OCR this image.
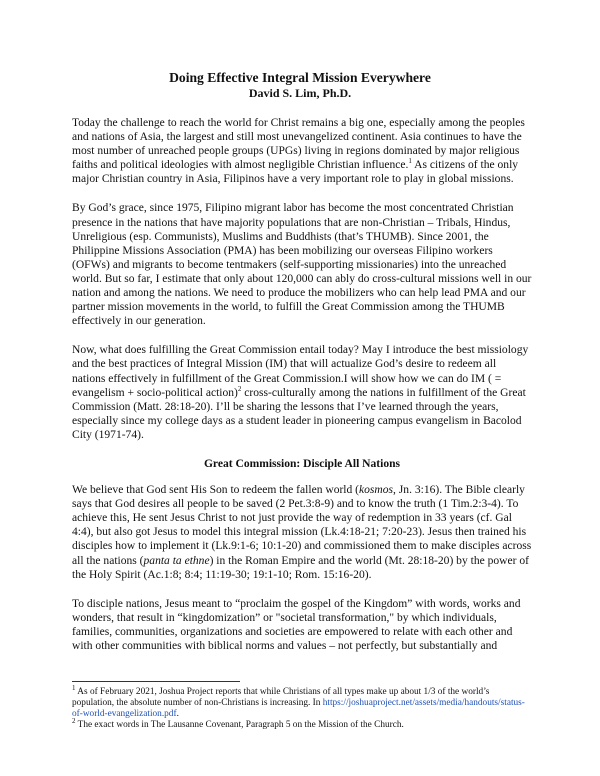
Doing Effective Integral Mission Everywhere
David S. Lim, Ph.D.

Today the challenge to reach the world for Christ remains a big one, especially among the peoples and nations of Asia, the largest and still most unevangelized continent. Asia continues to have the most number of unreached people groups (UPGs) living in regions dominated by major religious faiths and political ideologies with almost negligible Christian influence.$^1$ As citizens of the only major Christian country in Asia, Filipinos have a very important role to play in global missions.

By God’s grace, since 1975, Filipino migrant labor has become the most concentrated Christian presence in the nations that have majority populations that are non-Christian – Tribals, Hindus, Unreligious (esp. Communists), Muslims and Buddhists (that’s THUMB). Since 2001, the Philippine Missions Association (PMA) has been mobilizing our overseas Filipino workers (OFWs) and migrants to become tentmakers (self-supporting missionaries) into the unreached world. But so far, I estimate that only about 120,000 can ably do cross-cultural missions well in our nation and among the nations. We need to produce the mobilizers who can help lead PMA and our partner mission movements in the world, to fulfill the Great Commission among the THUMB effectively in our generation.

Now, what does fulfilling the Great Commission entail today? May I introduce the best missiology and the best practices of Integral Mission (IM) that will actualize God’s desire to redeem all nations effectively in fulfillment of the Great Commission.I will show how we can do IM ( = evangelism + socio-political action)$^2$ cross-culturally among the nations in fulfillment of the Great Commission (Matt. 28:18-20). I’ll be sharing the lessons that I’ve learned through the years, especially since my college days as a student leader in pioneering campus evangelism in Bacolod City (1971-74).

Great Commission: Disciple All Nations

We believe that God sent His Son to redeem the fallen world (kosmos, Jn. 3:16). The Bible clearly says that God desires all people to be saved (2 Pet.3:8-9) and to know the truth (1 Tim.2:3-4). To achieve this, He sent Jesus Christ to not just provide the way of redemption in 33 years (cf. Gal 4:4), but also got Jesus to model this integral mission (Lk.4:18-21; 7:20-23). Jesus then trained his disciples how to implement it (Lk.9:1-6; 10:1-20) and commissioned them to make disciples across all the nations (panta ta ethne) in the Roman Empire and the world (Mt. 28:18-20) by the power of the Holy Spirit (Ac.1:8; 8:4; 11:19-30; 19:1-10; Rom. 15:16-20).

To disciple nations, Jesus meant to “proclaim the gospel of the Kingdom” with words, works and wonders, that result in “kingdomization” or "societal transformation," by which individuals, families, communities, organizations and societies are empowered to relate with each other and with other communities with biblical norms and values – not perfectly, but substantially and

$^1$ As of February 2021, Joshua Project reports that while Christians of all types make up about 1/3 of the world’s population, the absolute number of non-Christians is increasing. In https://joshuaproject.net/assets/media/handouts/status-of-world-evangelization.pdf.

$^2$ The exact words in The Lausanne Covenant, Paragraph 5 on the Mission of the Church.
